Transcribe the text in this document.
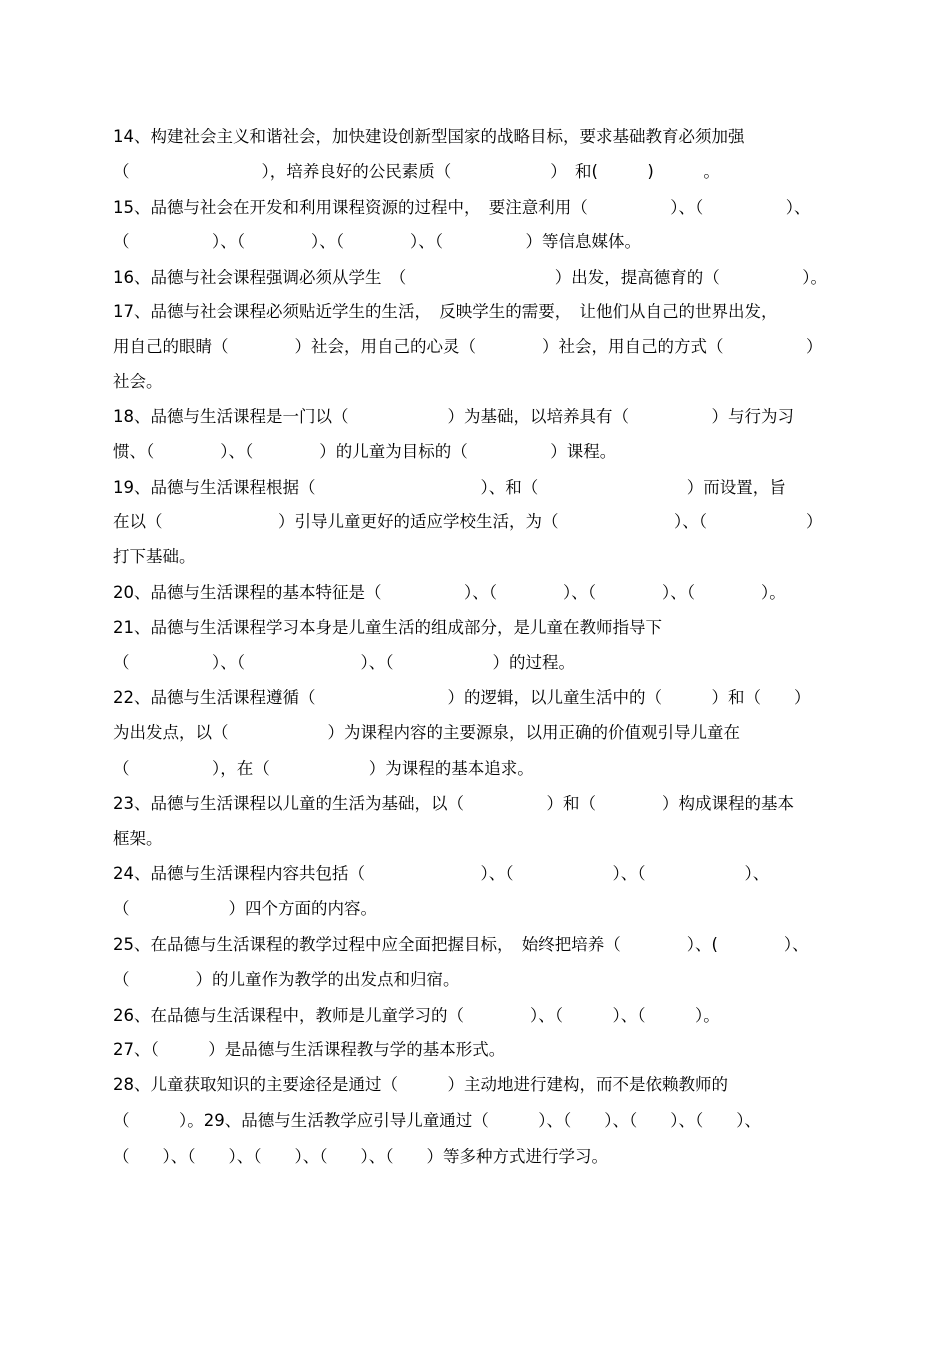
14、构建社会主义和谐社会，加快建设创新型国家的战略目标，要求基础教育必须加强
（　　　　　　　　），培养良好的公民素质（　　　　　　）　和(　　　)　　　。
15、品德与社会在开发和利用课程资源的过程中，　要注意利用（　　　　　）、（　　　　　）、
（　　　　　）、（　　　　）、（　　　　）、（　　　　　）等信息媒体。
16、品德与社会课程强调必须从学生　（　　　　　　　　　）出发，提高德育的（　　　　　）。
17、品德与社会课程必须贴近学生的生活，　反映学生的需要，　让他们从自己的世界出发，
用自己的眼睛（　　　　）社会，用自己的心灵（　　　　）社会，用自己的方式（　　　　　）
社会。
18、品德与生活课程是一门以（　　　　　　）为基础，以培养具有（　　　　　）与行为习
惯、（　　　　）、（　　　　）的儿童为目标的（　　　　　）课程。
19、品德与生活课程根据（　　　　　　　　　　）、和（　　　　　　　　　）而设置，旨
在以（　　　　　　　）引导儿童更好的适应学校生活，为（　　　　　　　）、（　　　　　　）
打下基础。
20、品德与生活课程的基本特征是（　　　　　）、（　　　　）、（　　　　）、（　　　　）。
21、品德与生活课程学习本身是儿童生活的组成部分，是儿童在教师指导下
（　　　　　）、（　　　　　　　）、（　　　　　　）的过程。
22、品德与生活课程遵循（　　　　　　　　）的逻辑，以儿童生活中的（　　　）和（　　）
为出发点，以（　　　　　　）为课程内容的主要源泉，以用正确的价值观引导儿童在
（　　　　　），在（　　　　　　）为课程的基本追求。
23、品德与生活课程以儿童的生活为基础，以（　　　　　）和（　　　　）构成课程的基本
框架。
24、品德与生活课程内容共包括（　　　　　　　）、（　　　　　　）、（　　　　　　）、
（　　　　　　）四个方面的内容。
25、在品德与生活课程的教学过程中应全面把握目标，　始终把培养（　　　　）、(　　　　）、
（　　　　）的儿童作为教学的出发点和归宿。
26、在品德与生活课程中，教师是儿童学习的（　　　　）、（　　　）、（　　　）。
27、（　　　）是品德与生活课程教与学的基本形式。
28、儿童获取知识的主要途径是通过（　　　）主动地进行建构，而不是依赖教师的
（　　　）。29、品德与生活教学应引导儿童通过（　　　）、（　　）、（　　）、（　　）、
（　　）、（　　）、（　　）、（　　）、（　　）等多种方式进行学习。
